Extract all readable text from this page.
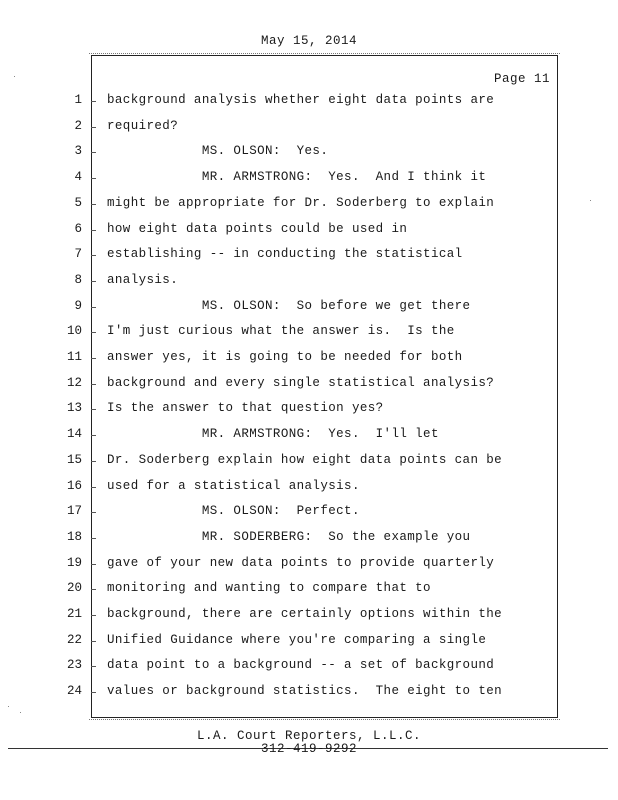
May 15, 2014
Page 11
1 background analysis whether eight data points are
2 required?
3 MS. OLSON:  Yes.
4 MR. ARMSTRONG:  Yes.  And I think it
5 might be appropriate for Dr. Soderberg to explain
6 how eight data points could be used in
7 establishing -- in conducting the statistical
8 analysis.
9 MS. OLSON:  So before we get there
10 I'm just curious what the answer is.  Is the
11 answer yes, it is going to be needed for both
12 background and every single statistical analysis?
13 Is the answer to that question yes?
14 MR. ARMSTRONG:  Yes.  I'll let
15 Dr. Soderberg explain how eight data points can be
16 used for a statistical analysis.
17 MS. OLSON:  Perfect.
18 MR. SODERBERG:  So the example you
19 gave of your new data points to provide quarterly
20 monitoring and wanting to compare that to
21 background, there are certainly options within the
22 Unified Guidance where you're comparing a single
23 data point to a background -- a set of background
24 values or background statistics.  The eight to ten
L.A. Court Reporters, L.L.C.
312-419-9292
